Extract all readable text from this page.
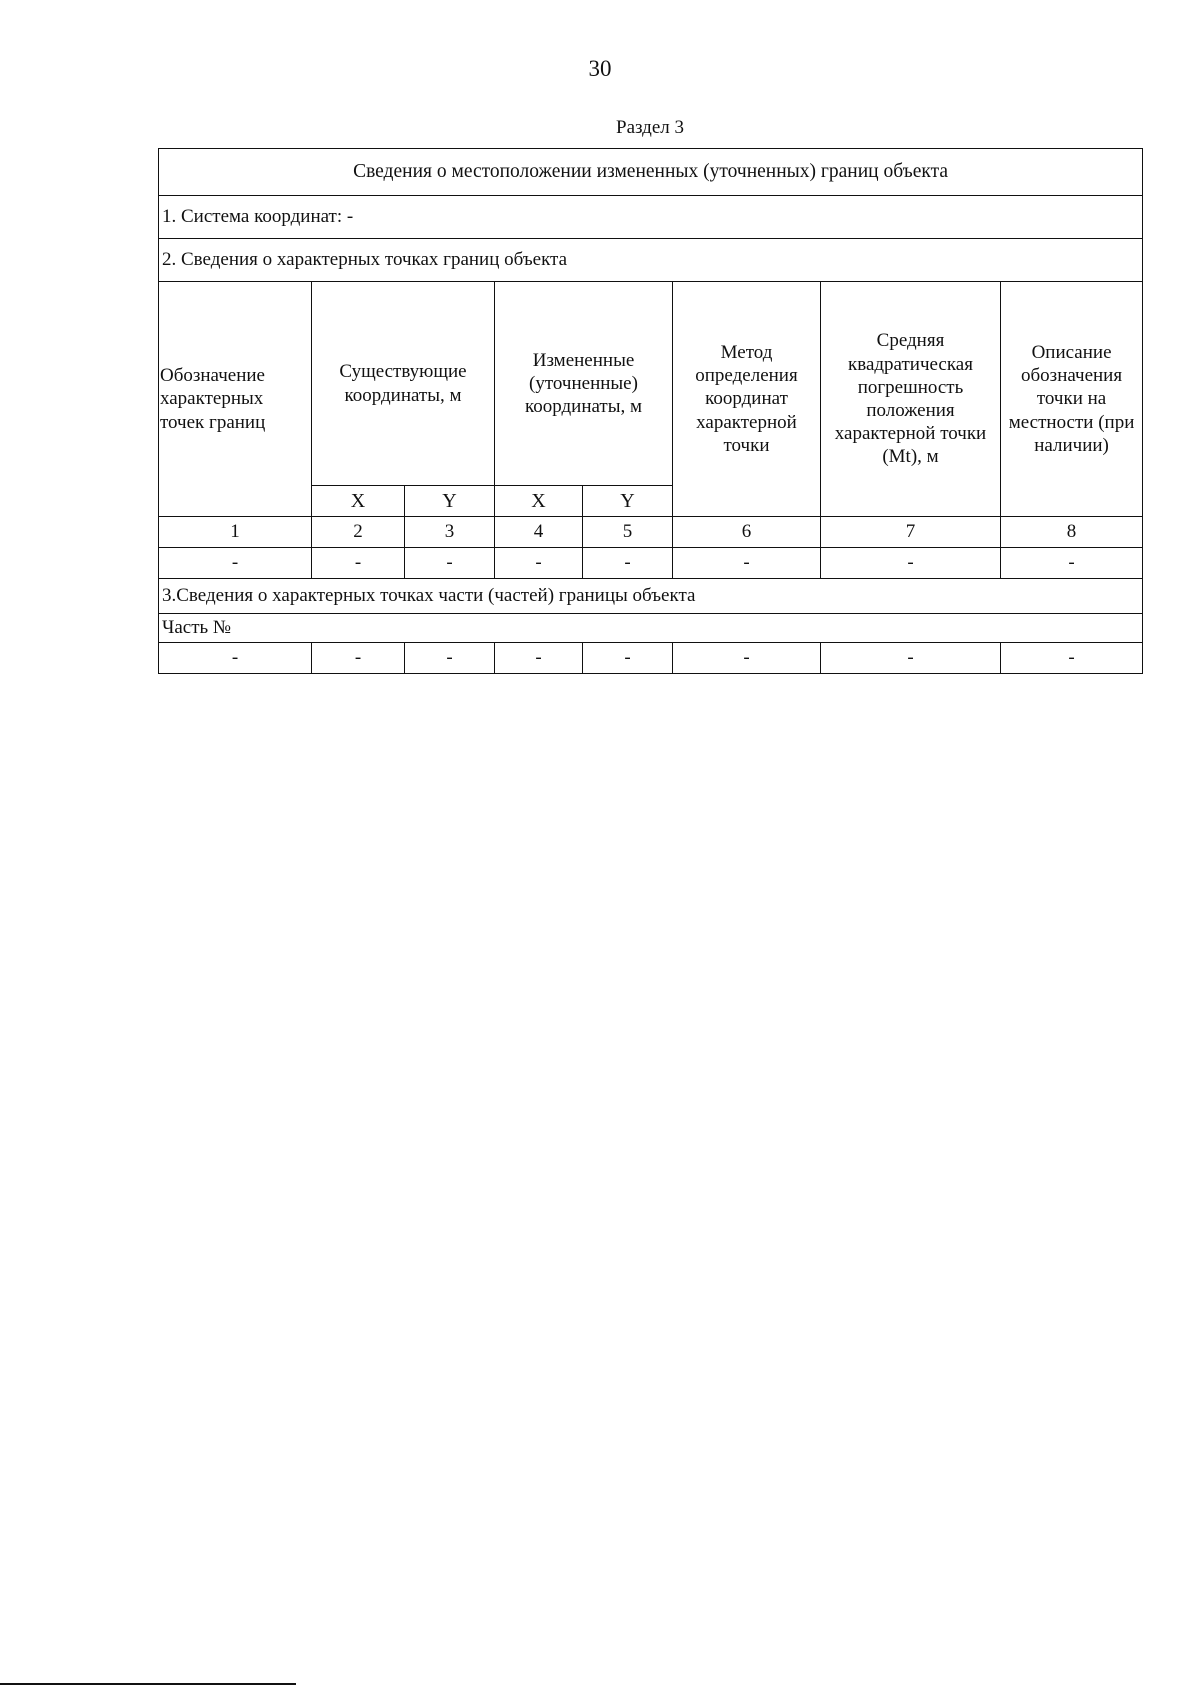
30
Раздел 3
Сведения о местоположении измененных (уточненных) границ объекта							
1. Система координат: -							
2. Сведения о характерных точках границ объекта							
Обозначение характерных точек границ	Существующие координаты, м		Измененные (уточненные) координаты, м		Метод определения координат характерной точки	Средняя квадратическая погрешность положения характерной точки (Mt), м	Описание обозначения точки на местности (при наличии)
	X	Y	X	Y			
1	2	3	4	5	6	7	8
-	-	-	-	-	-	-	-
3.Сведения о характерных точках части (частей) границы объекта							
Часть №							
-	-	-	-	-	-	-	-
